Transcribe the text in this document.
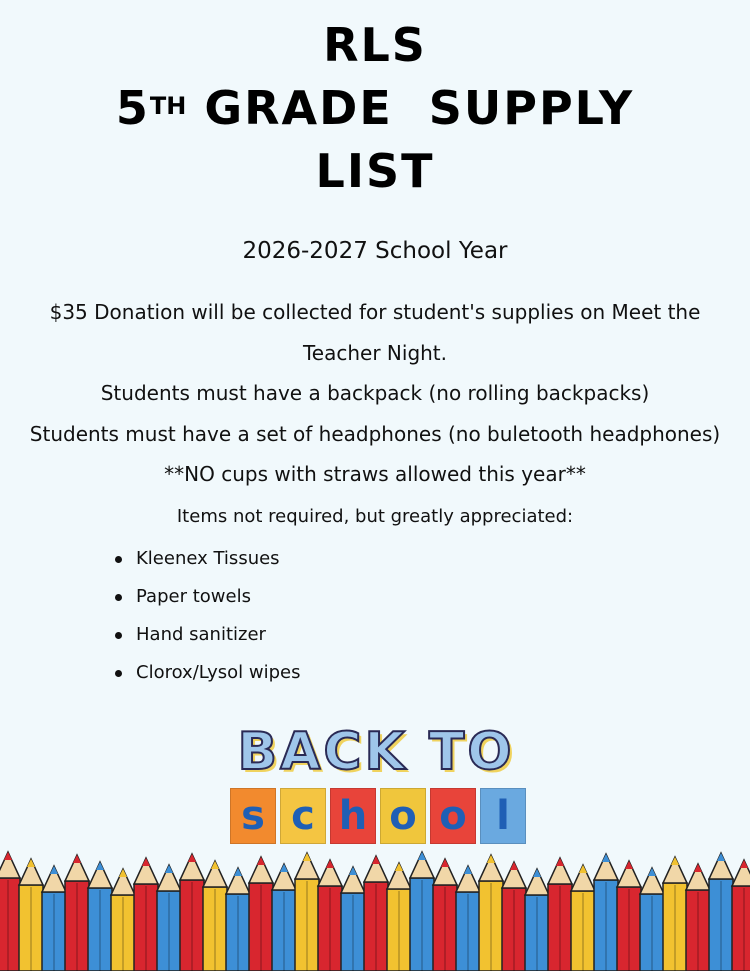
RLS
5TH GRADE  SUPPLY
LIST
2026-2027 School Year

$35 Donation will be collected for student's supplies on Meet the Teacher Night.

Students must have a backpack (no rolling backpacks)

Students must have a set of headphones (no buletooth headphones)

**NO cups with straws allowed this year**

Items not required, but greatly appreciated:
Kleenex Tissues
Paper towels
Hand sanitizer
Clorox/Lysol wipes
BACK TO
s c h o o l
